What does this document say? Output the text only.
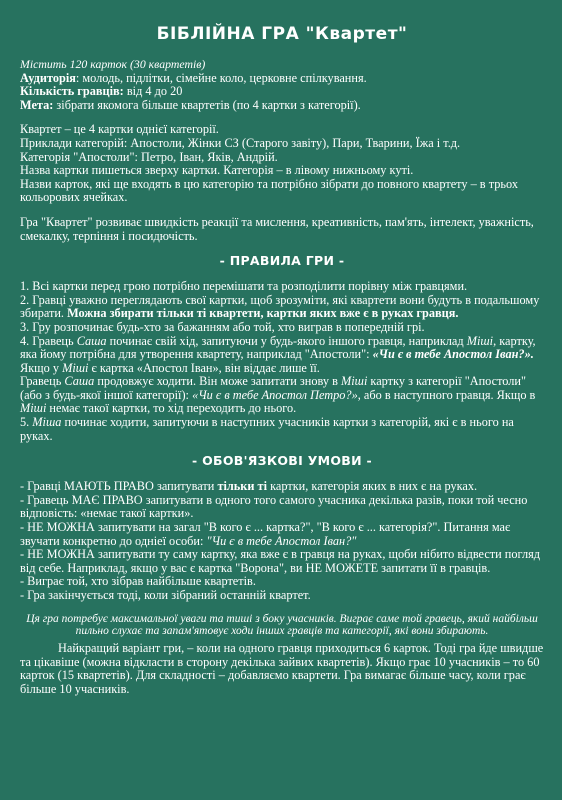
БІБЛІЙНА ГРА "Квартет"

Містить 120 карток (30 квартетів)

Аудиторія: молодь, підлітки, сімейне коло, церковне спілкування.

Кількість гравців: від 4 до 20

Мета: зібрати якомога більше квартетів (по 4 картки з категорії).

Квартет – це 4 картки однієї категорії.

Приклади категорій: Апостоли, Жінки СЗ (Старого завіту), Пари, Тварини, Їжа і т.д.

Категорія "Апостоли": Петро, Іван, Яків, Андрій.

Назва картки пишеться зверху картки. Категорія – в лівому нижньому куті.

Назви карток, які ще входять в цю категорію та потрібно зібрати до повного квартету – в трьох кольорових ячейках.

Гра "Квартет" розвиває швидкість реакції та мислення, креативність, пам'ять, інтелект, уважність, смекалку, терпіння і посидючість.

- ПРАВИЛА ГРИ -

1. Всі картки перед грою потрібно перемішати та розподілити порівну між гравцями.

2. Гравці уважно переглядають свої картки, щоб зрозуміти, які квартети вони будуть в подальшому збирати. Можна збирати тільки ті квартети, картки яких вже є в руках гравця.

3. Гру розпочинає будь-хто за бажанням або той, хто виграв в попередній грі.

4. Гравець Саша починає свій хід, запитуючи у будь-якого іншого гравця, наприклад Міші, картку, яка йому потрібна для утворення квартету, наприклад "Апостоли": «Чи є в тебе Апостол Іван?».

Якщо у Міші є картка «Апостол Іван», він віддає лише її.

Гравець Саша продовжує ходити. Він може запитати знову в Міші картку з категорії "Апостоли" (або з будь-якої іншої категорії): «Чи є в тебе Апостол Петро?», або в наступного гравця. Якщо в Міші немає такої картки, то хід переходить до нього.

5. Міша починає ходити, запитуючи в наступних учасників картки з категорій, які є в нього на руках.

- ОБОВ'ЯЗКОВІ УМОВИ -

- Гравці МАЮТЬ ПРАВО запитувати тільки ті картки, категорія яких в них є на руках.

- Гравець МАЄ ПРАВО запитувати в одного того самого учасника декілька разів, поки той чесно відповість: «немає такої картки».

- НЕ МОЖНА запитувати на загал "В кого є ... картка?", "В кого є ... категорія?". Питання має звучати конкретно до одніеї особи: "Чи є в тебе Апостол Іван?"

- НЕ МОЖНА запитувати ту саму картку, яка вже є в гравця на руках, щоби нібито відвести погляд від себе. Наприклад, якщо у вас є картка "Ворона", ви НЕ МОЖЕТЕ запитати її в гравців.

- Виграє той, хто зібрав найбільше квартетів.

- Гра закінчується тоді, коли зібраний останній квартет.

Ця гра потребує максимальної уваги та тиші з боку учасників. Виграє саме той гравець, який найбільш пильно слухає та запам'ятовує ходи інших гравців та категорії, які вони збирають.

Найкращий варіант гри, – коли на одного гравця приходиться 6 карток. Тоді гра йде швидше та цікавіше (можна відкласти в сторону декілька зайвих квартетів). Якщо грає 10 учасників – то 60 карток (15 квартетів). Для складності – добавляємо квартети. Гра вимагає більше часу, коли грає більше 10 учасників.
